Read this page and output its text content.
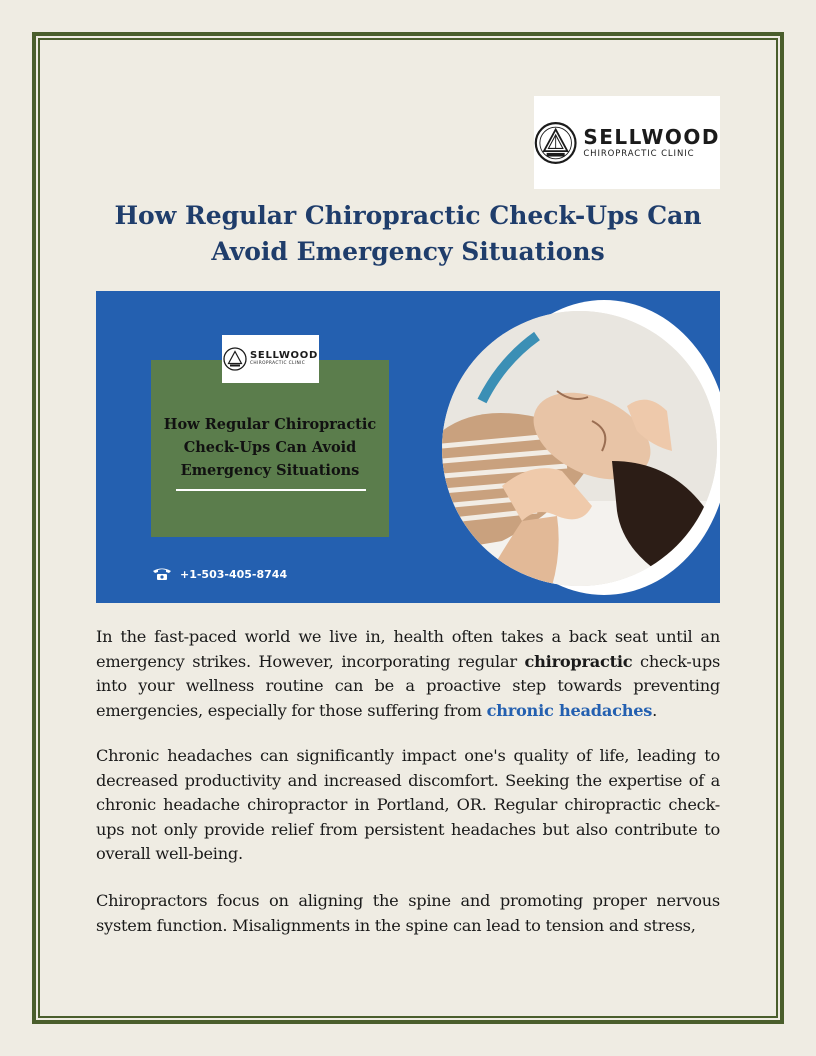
SELLWOOD
CHIROPRACTIC CLINIC
How Regular Chiropractic Check-Ups Can Avoid Emergency Situations
SELLWOOD
CHIROPRACTIC CLINIC

How Regular Chiropractic Check-Ups Can Avoid Emergency Situations

+1-503-405-8744

In the fast-paced world we live in, health often takes a back seat until an emergency strikes. However, incorporating regular chiropractic check-ups into your wellness routine can be a proactive step towards preventing emergencies, especially for those suffering from chronic headaches.

Chronic headaches can significantly impact one's quality of life, leading to decreased productivity and increased discomfort. Seeking the expertise of a chronic headache chiropractor in Portland, OR. Regular chiropractic check-ups not only provide relief from persistent headaches but also contribute to overall well-being.

Chiropractors focus on aligning the spine and promoting proper nervous system function. Misalignments in the spine can lead to tension and stress,
